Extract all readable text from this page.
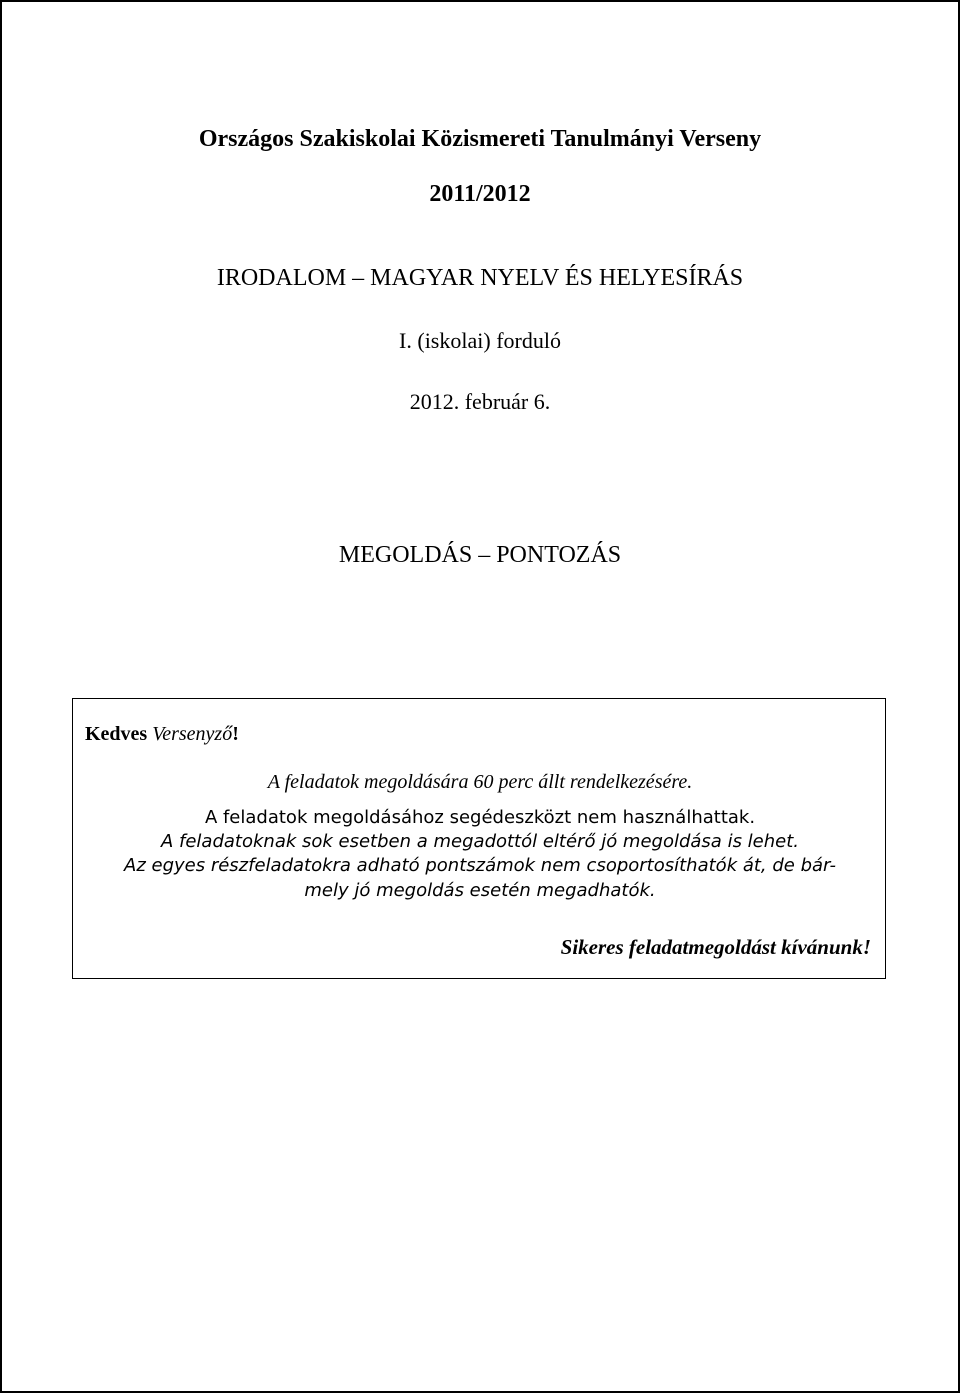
Országos Szakiskolai Közismereti Tanulmányi Verseny
2011/2012
IRODALOM – MAGYAR NYELV ÉS HELYESÍRÁS
I. (iskolai) forduló
2012. február 6.
MEGOLDÁS – PONTOZÁS
Kedves Versenyző!
A feladatok megoldására 60 perc állt rendelkezésére.
A feladatok megoldásához segédeszközt nem használhattak.
A feladatoknak sok esetben a megadottól eltérő jó megoldása is lehet.
Az egyes részfeladatokra adható pontszámok nem csoportosíthatók át, de bár-
mely jó megoldás esetén megadhatók.
Sikeres feladatmegoldást kívánunk!
